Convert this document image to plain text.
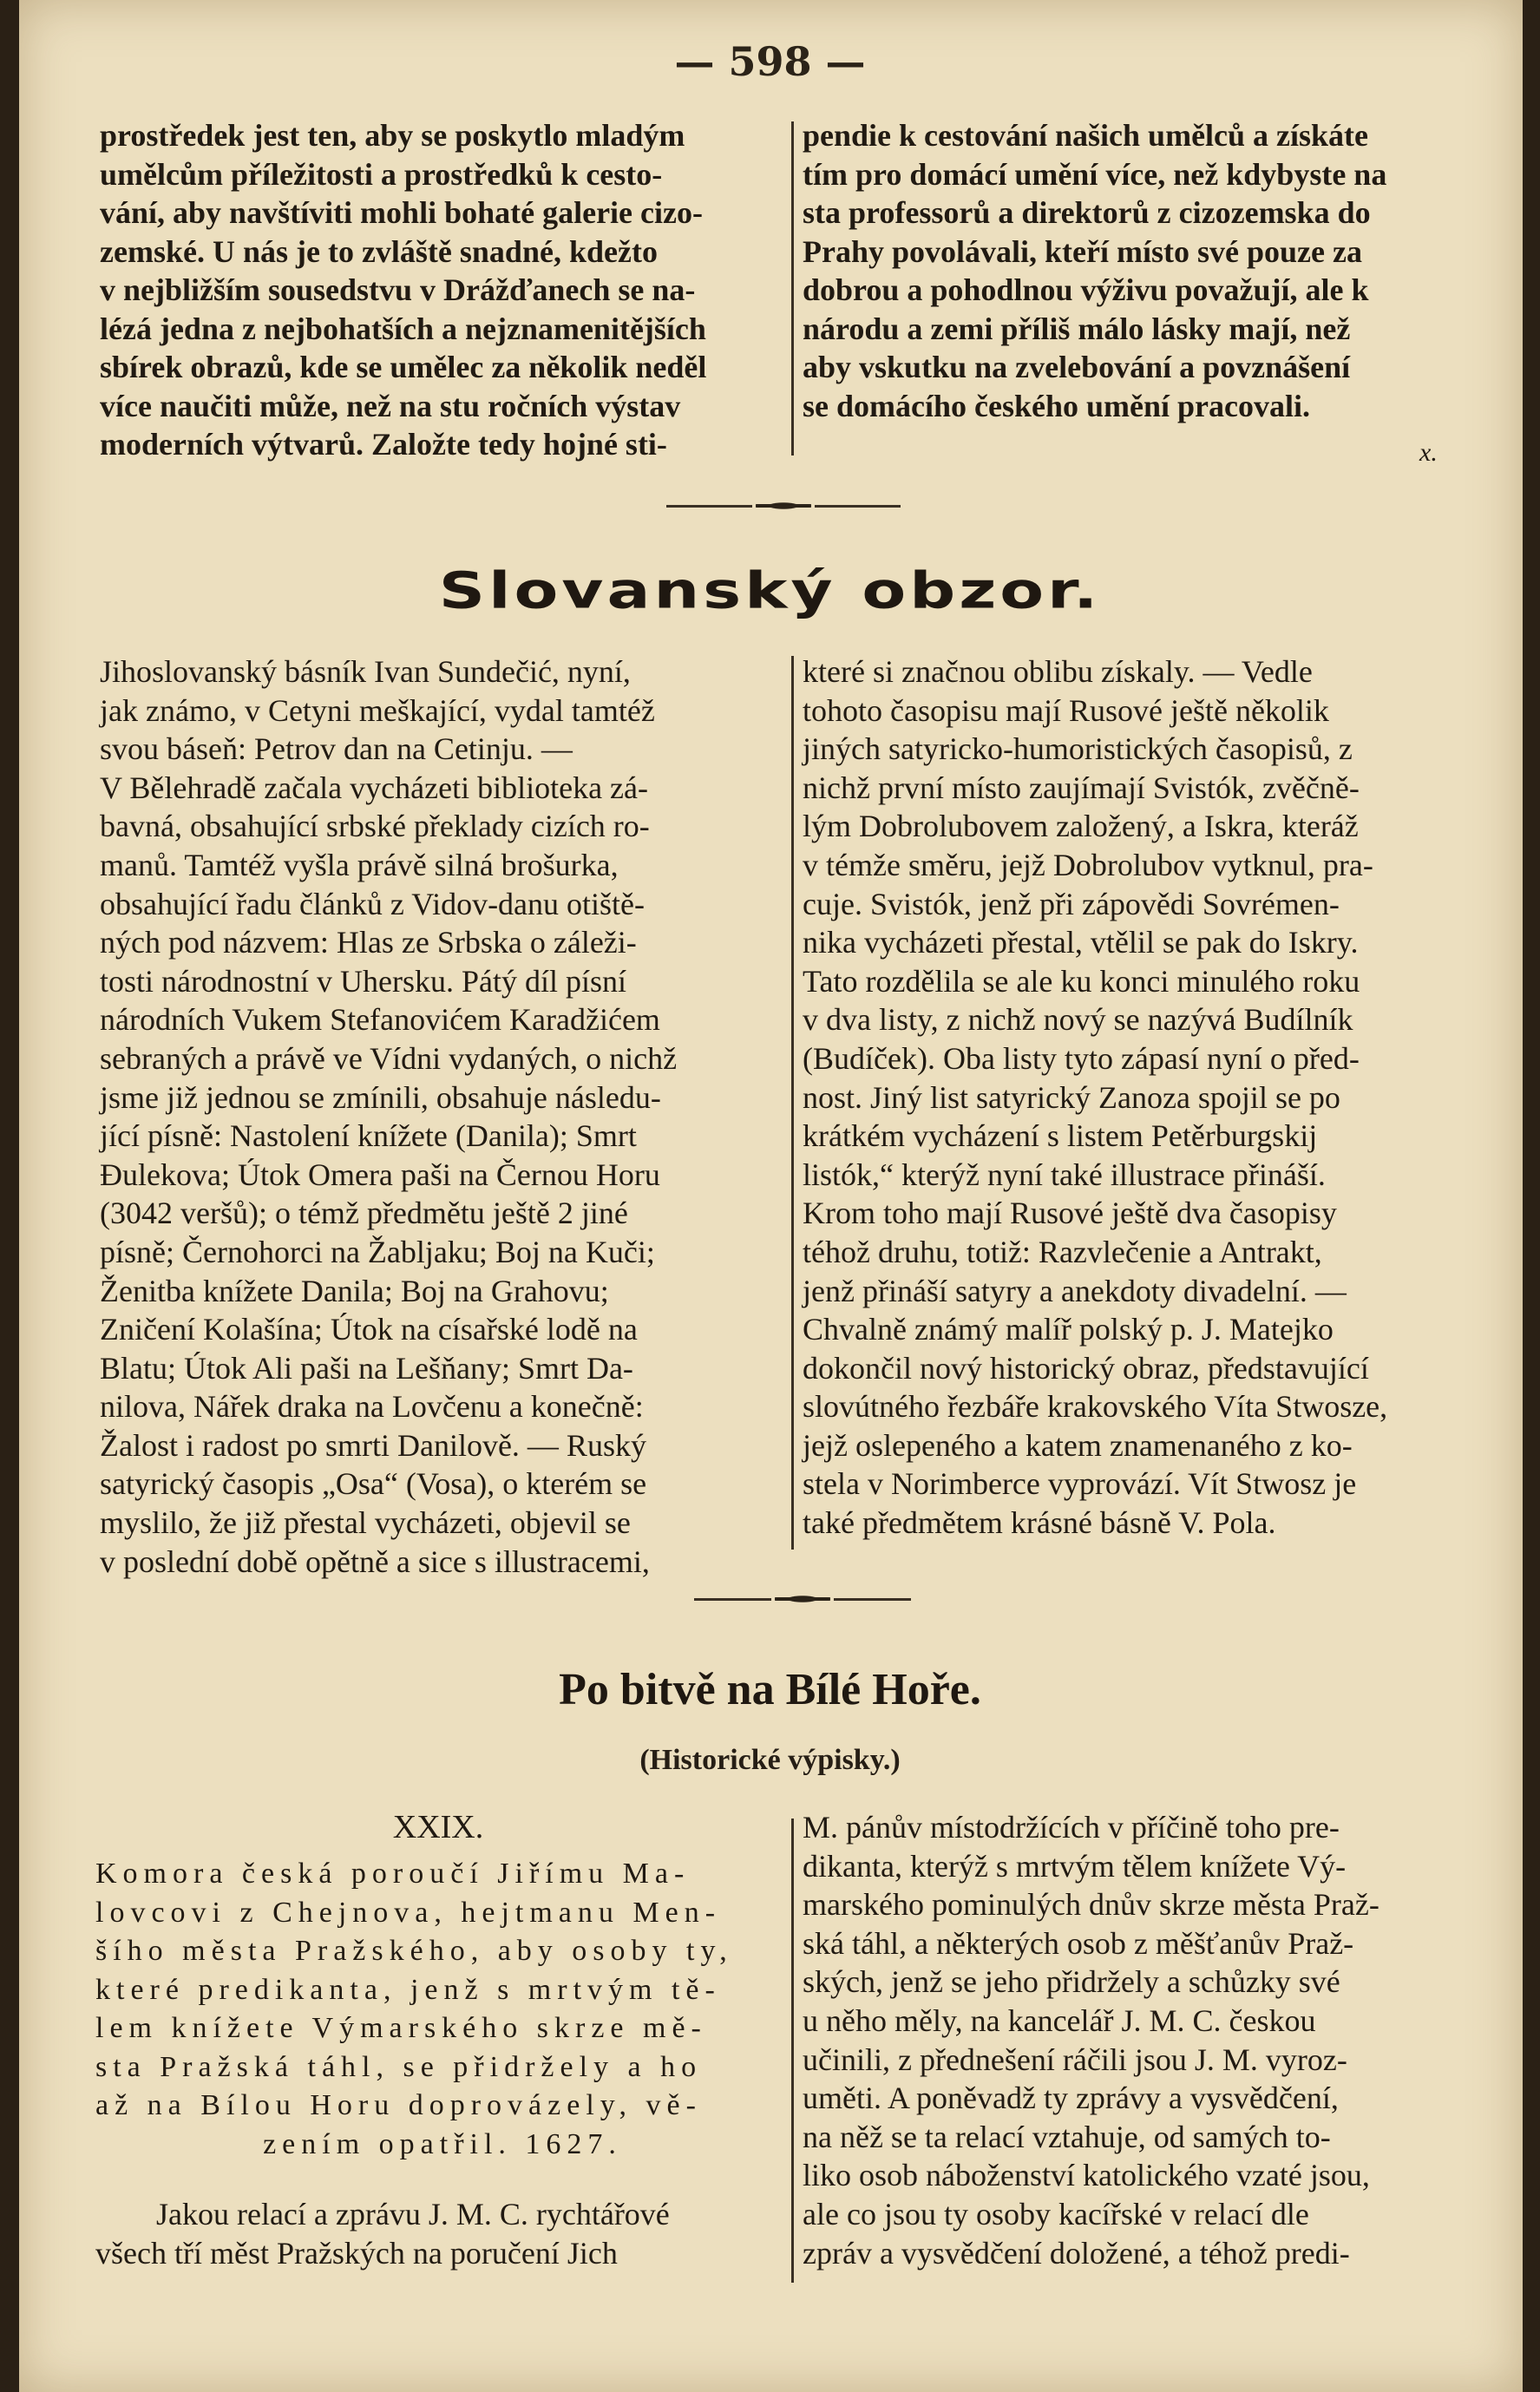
— 598 —

prostředek jest ten, aby se poskytlo mladým

umělcům příležitosti a prostředků k cesto-

vání, aby navštíviti mohli bohaté galerie cizo-

zemské. U nás je to zvláště snadné, kdežto

v nejbližším sousedstvu v Drážďanech se na-

lézá jedna z nejbohatších a nejznamenitějších

sbírek obrazů, kde se umělec za několik neděl

více naučiti může, než na stu ročních výstav

moderních výtvarů. Založte tedy hojné sti-

pendie k cestování našich umělců a získáte

tím pro domácí umění více, než kdybyste na

sta professorů a direktorů z cizozemska do

Prahy povolávali, kteří místo své pouze za

dobrou a pohodlnou výživu považují, ale k

národu a zemi příliš málo lásky mají, než

aby vskutku na zvelebování a povznášení

se domácího českého umění pracovali.

x.
Slovanský obzor.

Jihoslovanský básník Ivan Sundečić, nyní,

jak známo, v Cetyni meškající, vydal tamtéž

svou báseň: Petrov dan na Cetinju. —

V Bělehradě začala vycházeti biblioteka zá-

bavná, obsahující srbské překlady cizích ro-

manů. Tamtéž vyšla právě silná brošurka,

obsahující řadu článků z Vidov-danu otiště-

ných pod názvem: Hlas ze Srbska o záleži-

tosti národnostní v Uhersku. Pátý díl písní

národních Vukem Stefanovićem Karadžićem

sebraných a právě ve Vídni vydaných, o nichž

jsme již jednou se zmínili, obsahuje následu-

jící písně: Nastolení knížete (Danila); Smrt

Đulekova; Útok Omera paši na Černou Horu

(3042 veršů); o témž předmětu ještě 2 jiné

písně; Černohorci na Žabljaku; Boj na Kuči;

Ženitba knížete Danila; Boj na Grahovu;

Zničení Kolašína; Útok na císařské lodě na

Blatu; Útok Ali paši na Lešňany; Smrt Da-

nilova, Nářek draka na Lovčenu a konečně:

Žalost i radost po smrti Danilově. — Ruský

satyrický časopis „Osa“ (Vosa), o kterém se

myslilo, že již přestal vycházeti, objevil se

v poslední době opětně a sice s illustracemi,

které si značnou oblibu získaly. — Vedle

tohoto časopisu mají Rusové ještě několik

jiných satyricko-humoristických časopisů, z

nichž první místo zaujímají Svistók, zvěčně-

lým Dobrolubovem založený, a Iskra, kteráž

v témže směru, jejž Dobrolubov vytknul, pra-

cuje. Svistók, jenž při zápovědi Sovrémen-

nika vycházeti přestal, vtělil se pak do Iskry.

Tato rozdělila se ale ku konci minulého roku

v dva listy, z nichž nový se nazývá Budílník

(Budíček). Oba listy tyto zápasí nyní o před-

nost. Jiný list satyrický Zanoza spojil se po

krátkém vycházení s listem Petěrburgskij

listók,“ kterýž nyní také illustrace přináší.

Krom toho mají Rusové ještě dva časopisy

téhož druhu, totiž: Razvlečenie a Antrakt,

jenž přináší satyry a anekdoty divadelní. —

Chvalně známý malíř polský p. J. Matejko

dokončil nový historický obraz, představující

slovútného řezbáře krakovského Víta Stwosze,

jejž oslepeného a katem znamenaného z ko-

stela v Norimberce vyprovází. Vít Stwosz je

také předmětem krásné básně V. Pola.

Po bitvě na Bílé Hoře.
(Historické výpisky.)
XXIX.

Komora česká poroučí Jiřímu Ma-

lovcovi z Chejnova, hejtmanu Men-

šího města Pražského, aby osoby ty,

které predikanta, jenž s mrtvým tě-

lem knížete Výmarského skrze mě-

sta Pražská táhl, se přidržely a ho

až na Bílou Horu doprovázely, vě-

zením opatřil. 1627.

Jakou relací a zprávu J. M. C. rychtářové

všech tří měst Pražských na poručení Jich

M. pánův místodržících v příčině toho pre-

dikanta, kterýž s mrtvým tělem knížete Vý-

marského pominulých dnův skrze města Praž-

ská táhl, a některých osob z měšťanův Praž-

ských, jenž se jeho přidržely a schůzky své

u něho měly, na kancelář J. M. C. českou

učinili, z přednešení ráčili jsou J. M. vyroz-

uměti. A poněvadž ty zprávy a vysvědčení,

na něž se ta relací vztahuje, od samých to-

liko osob náboženství katolického vzaté jsou,

ale co jsou ty osoby kacířské v relací dle

zpráv a vysvědčení doložené, a téhož predi-
